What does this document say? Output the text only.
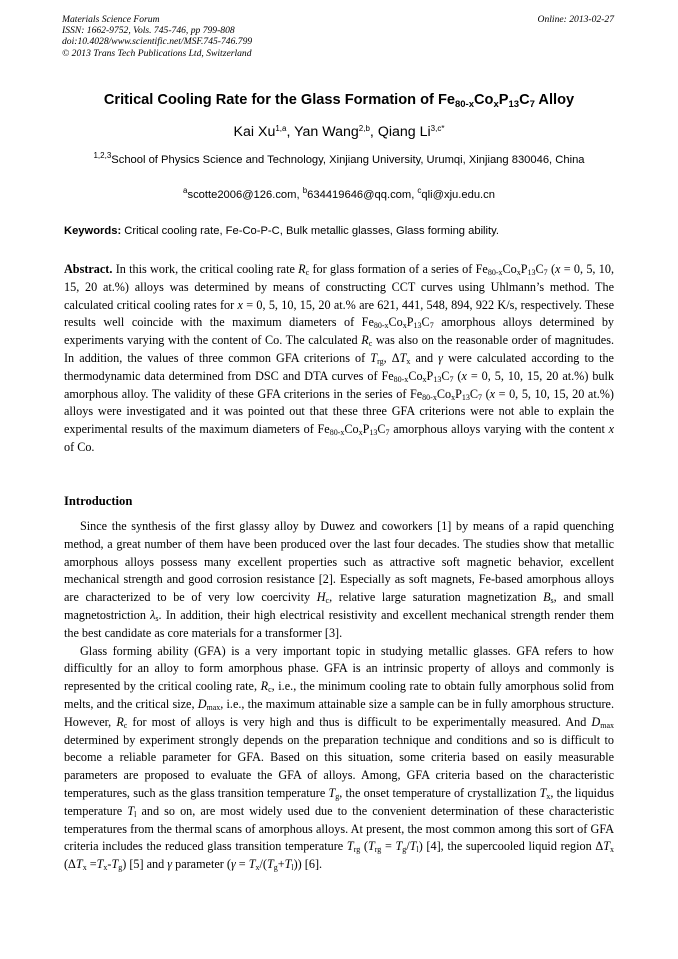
Materials Science Forum
ISSN: 1662-9752, Vols. 745-746, pp 799-808
doi:10.4028/www.scientific.net/MSF.745-746.799
© 2013 Trans Tech Publications Ltd, Switzerland
Online: 2013-02-27
Critical Cooling Rate for the Glass Formation of $Fe_{80-x}Co_xP_{13}C_7$ Alloy
Kai Xu$^{1,a}$, Yan Wang$^{2,b}$, Qiang $Li^{3,c*}$
$^{1,2,3}$School of Physics Science and Technology, Xinjiang University, Urumqi, Xinjiang 830046, China
$^a$scotte2006@126.com, $^b$634419646@qq.com, $^c$qli@xju.edu.cn
Keywords: Critical cooling rate, Fe-Co-P-C, Bulk metallic glasses, Glass forming ability.

Abstract. In this work, the critical cooling rate $R_c$ for glass formation of a series of $Fe_{80-x}Co_xP_{13}C_7$ (x = 0, 5, 10, 15, 20 at.%) alloys was determined by means of constructing CCT curves using Uhlmann’s method. The calculated critical cooling rates for x = 0, 5, 10, 15, 20 at.% are 621, 441, 548, 894, 922 K/s, respectively. These results well coincide with the maximum diameters of $Fe_{80-x}Co_xP_{13}C_7$ amorphous alloys determined by experiments varying with the content of Co. The calculated $R_c$ was also on the reasonable order of magnitudes. In addition, the values of three common GFA criterions of $T_{rg}$, $\Delta T_x$ and γ were calculated according to the thermodynamic data determined from DSC and DTA curves of $Fe_{80-x}Co_xP_{13}C_7$ (x = 0, 5, 10, 15, 20 at.%) bulk amorphous alloy. The validity of these GFA criterions in the series of $Fe_{80-x}Co_xP_{13}C_7$ (x = 0, 5, 10, 15, 20 at.%) alloys were investigated and it was pointed out that these three GFA criterions were not able to explain the experimental results of the maximum diameters of $Fe_{80-x}Co_xP_{13}C_7$ amorphous alloys varying with the content x of Co.

Introduction

Since the synthesis of the first glassy alloy by Duwez and coworkers [1] by means of a rapid quenching method, a great number of them have been produced over the last four decades. The studies show that metallic amorphous alloys possess many excellent properties such as attractive soft magnetic behavior, excellent mechanical strength and good corrosion resistance [2]. Especially as soft magnets, Fe-based amorphous alloys are characterized to be of very low coercivity $H_c$, relative large saturation magnetization $B_s$, and small magnetostriction $\lambda_s$. In addition, their high electrical resistivity and excellent mechanical strength render them the best candidate as core materials for a transformer [3].

Glass forming ability (GFA) is a very important topic in studying metallic glasses. GFA refers to how difficultly for an alloy to form amorphous phase. GFA is an intrinsic property of alloys and commonly is represented by the critical cooling rate, $R_c$, i.e., the minimum cooling rate to obtain fully amorphous solid from melts, and the critical size, $D_{max}$, i.e., the maximum attainable size a sample can be in fully amorphous structure. However, $R_c$ for most of alloys is very high and thus is difficult to be experimentally measured. And $D_{max}$ determined by experiment strongly depends on the preparation technique and conditions and so is difficult to become a reliable parameter for GFA. Based on this situation, some criteria based on easily measurable parameters are proposed to evaluate the GFA of alloys. Among, GFA criteria based on the characteristic temperatures, such as the glass transition temperature $T_g$, the onset temperature of crystallization $T_x$, the liquidus temperature $T_l$ and so on, are most widely used due to the convenient determination of these characteristic temperatures from the thermal scans of amorphous alloys. At present, the most common among this sort of GFA criteria includes the reduced glass transition temperature $T_{rg}$ $(T_{rg} = T_g/T_l)$ [4], the supercooled liquid region $\Delta T_x$ $(\Delta T_x =T_x-T_g)$ [5] and γ parameter $(\gamma = T_x/(T_g+T_l))$ [6].
